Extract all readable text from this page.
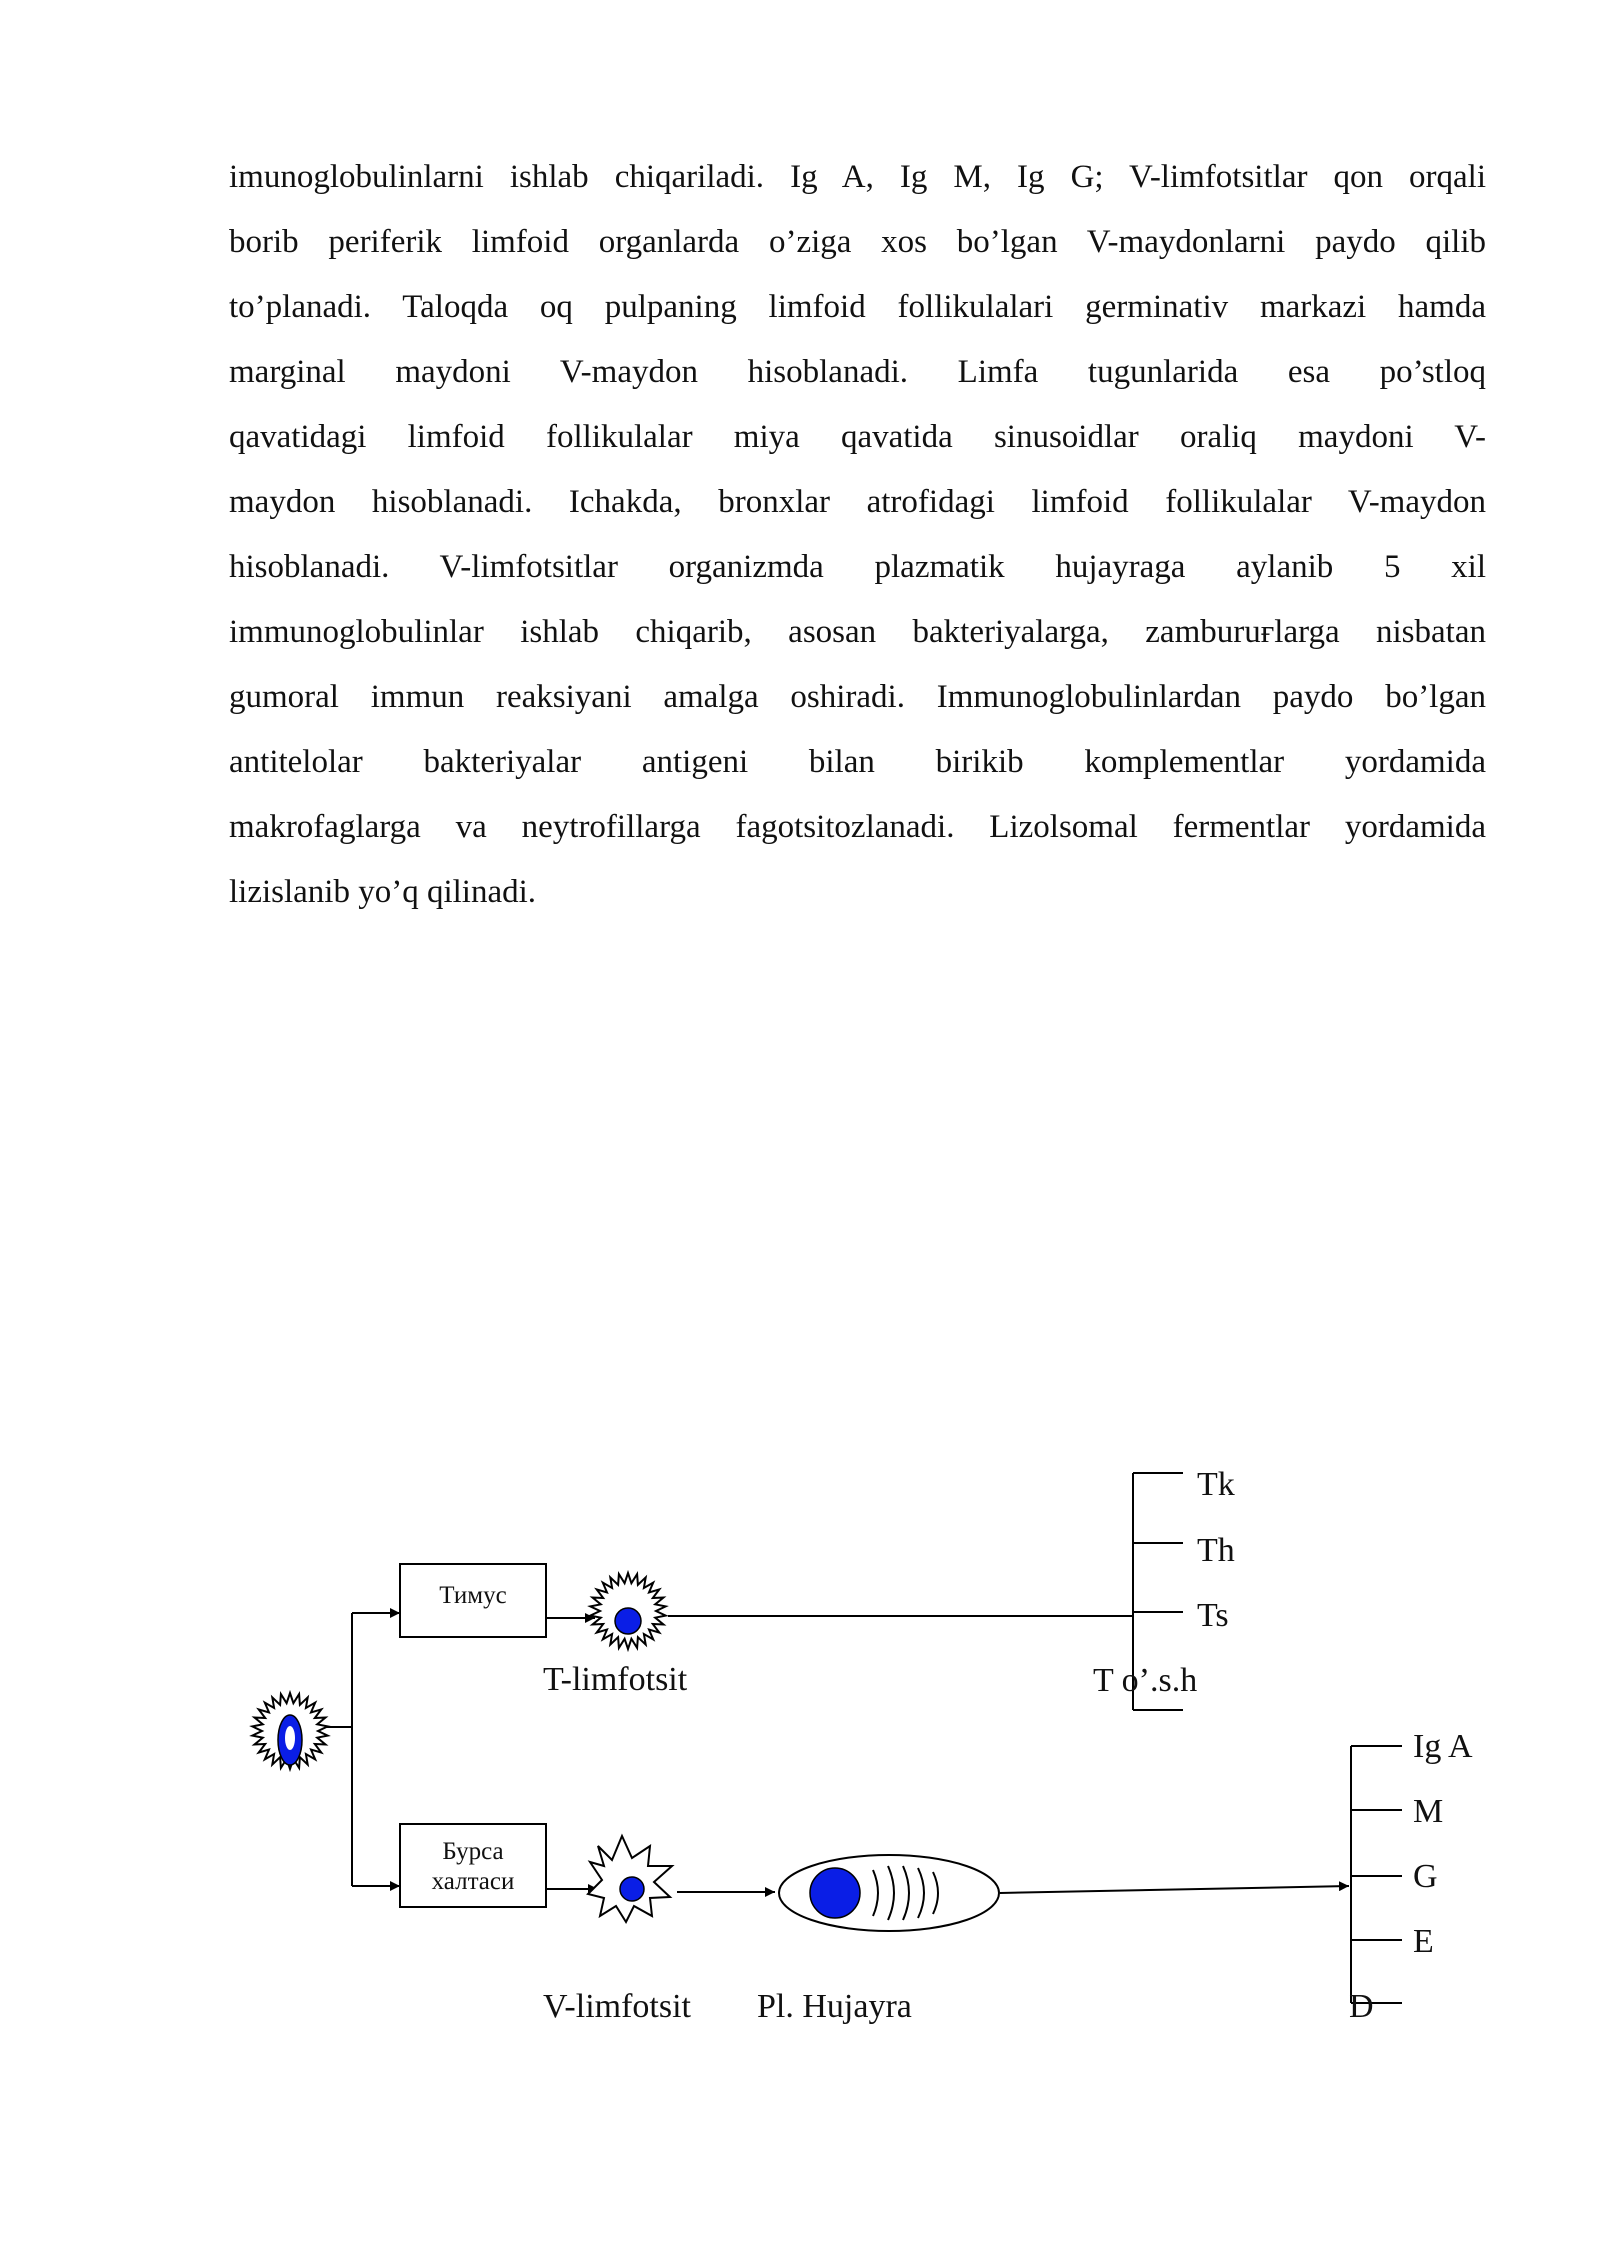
imunoglobulinlarni ishlab chiqariladi. Ig A, Ig M, Ig G; V-limfotsitlar qon orqali
borib periferik limfoid organlarda o’ziga xos bo’lgan V-maydonlarni paydo qilib
to’planadi. Taloqda oq pulpaning limfoid follikulalari germinativ markazi hamda
marginal maydoni V-maydon hisoblanadi. Limfa tugunlarida esa po’stloq
qavatidagi limfoid follikulalar miya qavatida sinusoidlar oraliq maydoni V-
maydon hisoblanadi. Ichakda, bronxlar atrofidagi limfoid follikulalar V-maydon
hisoblanadi. V-limfotsitlar organizmda plazmatik hujayraga aylanib 5 xil
immunoglobulinlar ishlab chiqarib, asosan bakteriyalarga, zamburuғlarga nisbatan
gumoral immun reaksiyani amalga oshiradi. Immunoglobulinlardan paydo bo’lgan
antitelolar bakteriyalar antigeni bilan birikib komplementlar yordamida
makrofaglarga va neytrofillarga fagotsitozlanadi. Lizolsomal fermentlar yordamida
lizislanib yo’q qilinadi.
Тимус
Бурса
халтаси
T-limfotsit
Tk
Th
Ts
T o’.s.h
V-limfotsit Pl. Hujayra
Ig A
M
G
E
D
